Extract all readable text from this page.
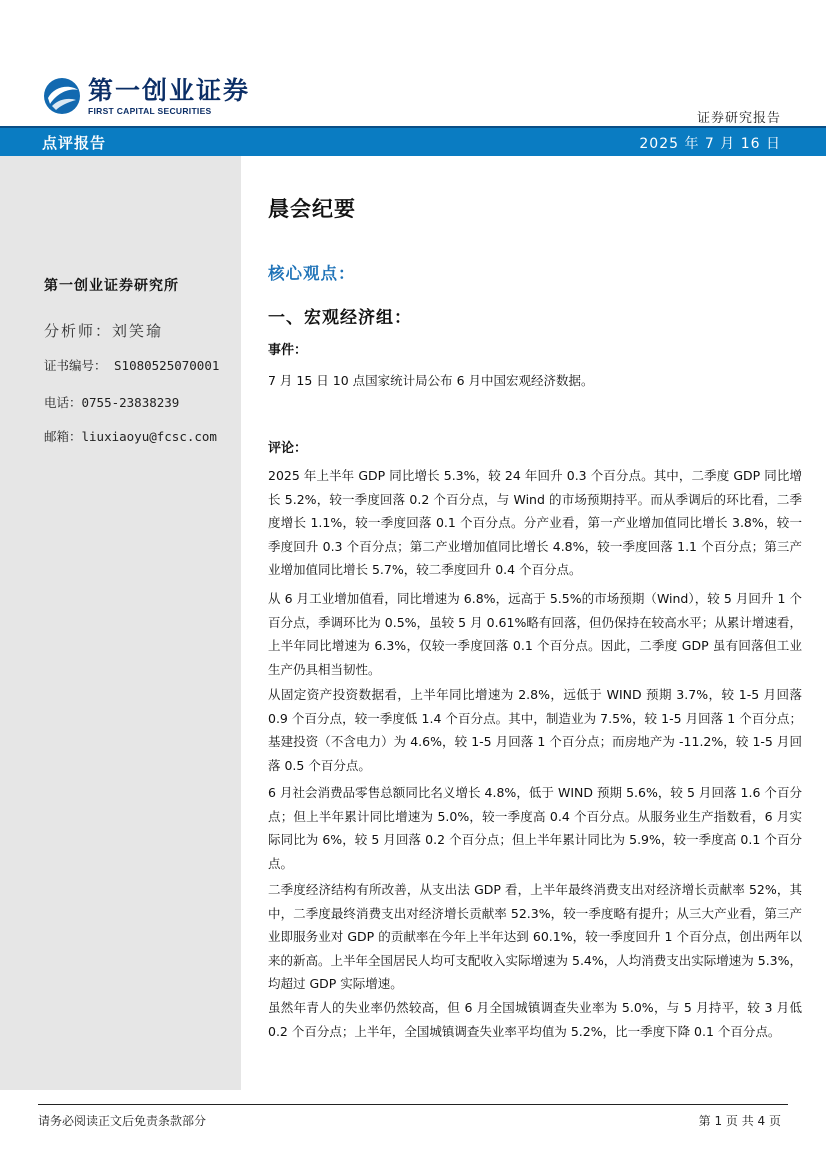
第一创业证券
FIRST CAPITAL SECURITIES
证券研究报告
点评报告	2025 年 7 月 16 日
第一创业证券研究所
分析师：刘笑瑜
证书编号： S1080525070001
电话：0755-23838239
邮箱：liuxiaoyu@fcsc.com
晨会纪要
核心观点：
一、宏观经济组：
事件：

7 月 15 日 10 点国家统计局公布 6 月中国宏观经济数据。

评论：

2025 年上半年 GDP 同比增长 5.3%，较 24 年回升 0.3 个百分点。其中，二季度 GDP 同比增长 5.2%，较一季度回落 0.2 个百分点，与 Wind 的市场预期持平。而从季调后的环比看，二季度增长 1.1%，较一季度回落 0.1 个百分点。分产业看，第一产业增加值同比增长 3.8%，较一季度回升 0.3 个百分点；第二产业增加值同比增长 4.8%，较一季度回落 1.1 个百分点；第三产业增加值同比增长 5.7%，较二季度回升 0.4 个百分点。

从 6 月工业增加值看，同比增速为 6.8%，远高于 5.5%的市场预期（Wind），较 5 月回升 1 个百分点，季调环比为 0.5%，虽较 5 月 0.61%略有回落，但仍保持在较高水平；从累计增速看，上半年同比增速为 6.3%，仅较一季度回落 0.1 个百分点。因此，二季度 GDP 虽有回落但工业生产仍具相当韧性。

从固定资产投资数据看，上半年同比增速为 2.8%，远低于 WIND 预期 3.7%，较 1-5 月回落 0.9 个百分点，较一季度低 1.4 个百分点。其中，制造业为 7.5%，较 1-5 月回落 1 个百分点；基建投资（不含电力）为 4.6%，较 1-5 月回落 1 个百分点；而房地产为 -11.2%，较 1-5 月回落 0.5 个百分点。

6 月社会消费品零售总额同比名义增长 4.8%，低于 WIND 预期 5.6%，较 5 月回落 1.6 个百分点；但上半年累计同比增速为 5.0%，较一季度高 0.4 个百分点。从服务业生产指数看，6 月实际同比为 6%，较 5 月回落 0.2 个百分点；但上半年累计同比为 5.9%，较一季度高 0.1 个百分点。

二季度经济结构有所改善，从支出法 GDP 看，上半年最终消费支出对经济增长贡献率 52%，其中，二季度最终消费支出对经济增长贡献率 52.3%，较一季度略有提升；从三大产业看，第三产业即服务业对 GDP 的贡献率在今年上半年达到 60.1%，较一季度回升 1 个百分点，创出两年以来的新高。上半年全国居民人均可支配收入实际增速为 5.4%，人均消费支出实际增速为 5.3%，均超过 GDP 实际增速。

虽然年青人的失业率仍然较高，但 6 月全国城镇调查失业率为 5.0%，与 5 月持平，较 3 月低 0.2 个百分点；上半年，全国城镇调查失业率平均值为 5.2%，比一季度下降 0.1 个百分点。

请务必阅读正文后免责条款部分	第 1 页 共 4 页
